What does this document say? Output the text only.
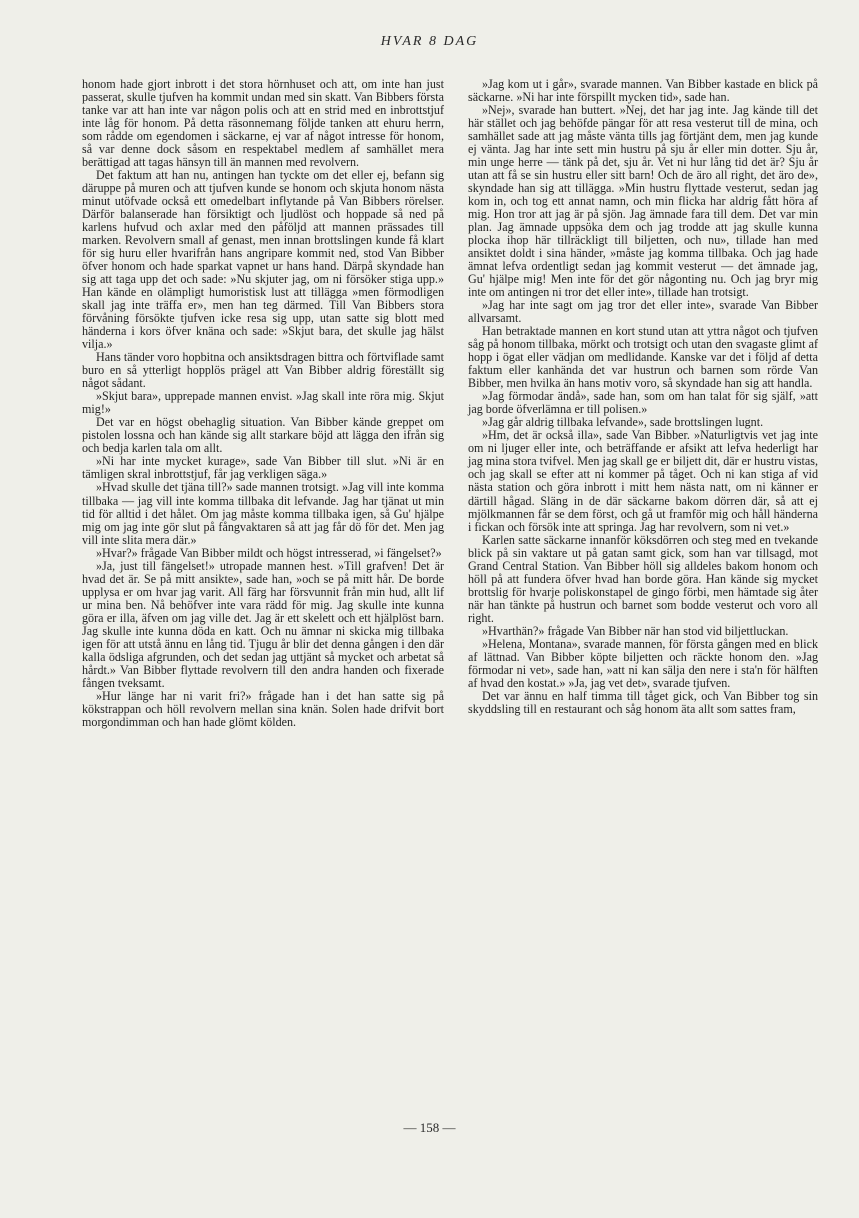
HVAR 8 DAG

honom hade gjort inbrott i det stora hörnhuset och att, om inte han just passerat, skulle tjufven ha kommit undan med sin skatt. Van Bibbers första tanke var att han inte var någon polis och att en strid med en inbrottstjuf inte låg för honom. På detta räsonnemang följde tanken att ehuru herrn, som rådde om egendomen i säckarne, ej var af något intresse för honom, så var denne dock såsom en respektabel medlem af samhället mera berättigad att tagas hänsyn till än mannen med revolvern.

Det faktum att han nu, antingen han tyckte om det eller ej, befann sig däruppe på muren och att tjufven kunde se honom och skjuta honom nästa minut utöfvade också ett omedelbart inflytande på Van Bibbers rörelser. Därför balanserade han försiktigt och ljudlöst och hoppade så ned på karlens hufvud och axlar med den påföljd att mannen prässades till marken. Revolvern small af genast, men innan brottslingen kunde få klart för sig huru eller hvarifrån hans angripare kommit ned, stod Van Bibber öfver honom och hade sparkat vapnet ur hans hand. Därpå skyndade han sig att taga upp det och sade: »Nu skjuter jag, om ni försöker stiga upp.» Han kände en olämpligt humoristisk lust att tillägga »men förmodligen skall jag inte träffa er», men han teg därmed. Till Van Bibbers stora förvåning försökte tjufven icke resa sig upp, utan satte sig blott med händerna i kors öfver knäna och sade: »Skjut bara, det skulle jag hälst vilja.»

Hans tänder voro hopbitna och ansiktsdragen bittra och förtviflade samt buro en så ytterligt hopplös prägel att Van Bibber aldrig föreställt sig något sådant.

»Skjut bara», upprepade mannen envist. »Jag skall inte röra mig. Skjut mig!»

Det var en högst obehaglig situation. Van Bibber kände greppet om pistolen lossna och han kände sig allt starkare böjd att lägga den ifrån sig och bedja karlen tala om allt.

»Ni har inte mycket kurage», sade Van Bibber till slut. »Ni är en tämligen skral inbrottstjuf, får jag verkligen säga.»

»Hvad skulle det tjäna till?» sade mannen trotsigt. »Jag vill inte komma tillbaka — jag vill inte komma tillbaka dit lefvande. Jag har tjänat ut min tid för alltid i det hålet. Om jag måste komma tillbaka igen, så Gu' hjälpe mig om jag inte gör slut på fångvaktaren så att jag får dö för det. Men jag vill inte slita mera där.»

»Hvar?» frågade Van Bibber mildt och högst intresserad, »i fängelset?»

»Ja, just till fängelset!» utropade mannen hest. »Till grafven! Det är hvad det är. Se på mitt ansikte», sade han, »och se på mitt hår. De borde upplysa er om hvar jag varit. All färg har försvunnit från min hud, allt lif ur mina ben. Nå behöfver inte vara rädd för mig. Jag skulle inte kunna göra er illa, äfven om jag ville det. Jag är ett skelett och ett hjälplöst barn. Jag skulle inte kunna döda en katt. Och nu ämnar ni skicka mig tillbaka igen för att utstå ännu en lång tid. Tjugu år blir det denna gången i den där kalla ödsliga afgrunden, och det sedan jag uttjänt så mycket och arbetat så hårdt.» Van Bibber flyttade revolvern till den andra handen och fixerade fången tveksamt.

»Hur länge har ni varit fri?» frågade han i det han satte sig på kökstrappan och höll revolvern mellan sina knän. Solen hade drifvit bort morgondimman och han hade glömt kölden.

»Jag kom ut i går», svarade mannen. Van Bibber kastade en blick på säckarne. »Ni har inte förspillt mycken tid», sade han.

»Nej», svarade han buttert. »Nej, det har jag inte. Jag kände till det här stället och jag behöfde pängar för att resa vesterut till de mina, och samhället sade att jag måste vänta tills jag förtjänt dem, men jag kunde ej vänta. Jag har inte sett min hustru på sju år eller min dotter. Sju år, min unge herre — tänk på det, sju år. Vet ni hur lång tid det är? Sju år utan att få se sin hustru eller sitt barn! Och de äro all right, det äro de», skyndade han sig att tillägga. »Min hustru flyttade vesterut, sedan jag kom in, och tog ett annat namn, och min flicka har aldrig fått höra af mig. Hon tror att jag är på sjön. Jag ämnade fara till dem. Det var min plan. Jag ämnade uppsöka dem och jag trodde att jag skulle kunna plocka ihop här tillräckligt till biljetten, och nu», tillade han med ansiktet doldt i sina händer, »måste jag komma tillbaka. Och jag hade ämnat lefva ordentligt sedan jag kommit vesterut — det ämnade jag, Gu' hjälpe mig! Men inte för det gör någonting nu. Och jag bryr mig inte om antingen ni tror det eller inte», tillade han trotsigt.

»Jag har inte sagt om jag tror det eller inte», svarade Van Bibber allvarsamt.

Han betraktade mannen en kort stund utan att yttra något och tjufven såg på honom tillbaka, mörkt och trotsigt och utan den svagaste glimt af hopp i ögat eller vädjan om medlidande. Kanske var det i följd af detta faktum eller kanhända det var hustrun och barnen som rörde Van Bibber, men hvilka än hans motiv voro, så skyndade han sig att handla.

»Jag förmodar ändå», sade han, som om han talat för sig själf, »att jag borde öfverlämna er till polisen.»

»Jag går aldrig tillbaka lefvande», sade brottslingen lugnt.

»Hm, det är också illa», sade Van Bibber. »Naturligtvis vet jag inte om ni ljuger eller inte, och beträffande er afsikt att lefva hederligt har jag mina stora tvifvel. Men jag skall ge er biljett dit, där er hustru vistas, och jag skall se efter att ni kommer på tåget. Och ni kan stiga af vid nästa station och göra inbrott i mitt hem nästa natt, om ni känner er därtill hågad. Släng in de där säckarne bakom dörren där, så att ej mjölkmannen får se dem först, och gå ut framför mig och håll händerna i fickan och försök inte att springa. Jag har revolvern, som ni vet.»

Karlen satte säckarne innanför köksdörren och steg med en tvekande blick på sin vaktare ut på gatan samt gick, som han var tillsagd, mot Grand Central Station. Van Bibber höll sig alldeles bakom honom och höll på att fundera öfver hvad han borde göra. Han kände sig mycket brottslig för hvarje poliskonstapel de gingo förbi, men hämtade sig åter när han tänkte på hustrun och barnet som bodde vesterut och voro all right.

»Hvarthän?» frågade Van Bibber när han stod vid biljettluckan.

»Helena, Montana», svarade mannen, för första gången med en blick af lättnad. Van Bibber köpte biljetten och räckte honom den. »Jag förmodar ni vet», sade han, »att ni kan sälja den nere i sta'n för hälften af hvad den kostat.» »Ja, jag vet det», svarade tjufven.

Det var ännu en half timma till tåget gick, och Van Bibber tog sin skyddsling till en restaurant och såg honom äta allt som sattes fram,

— 158 —
